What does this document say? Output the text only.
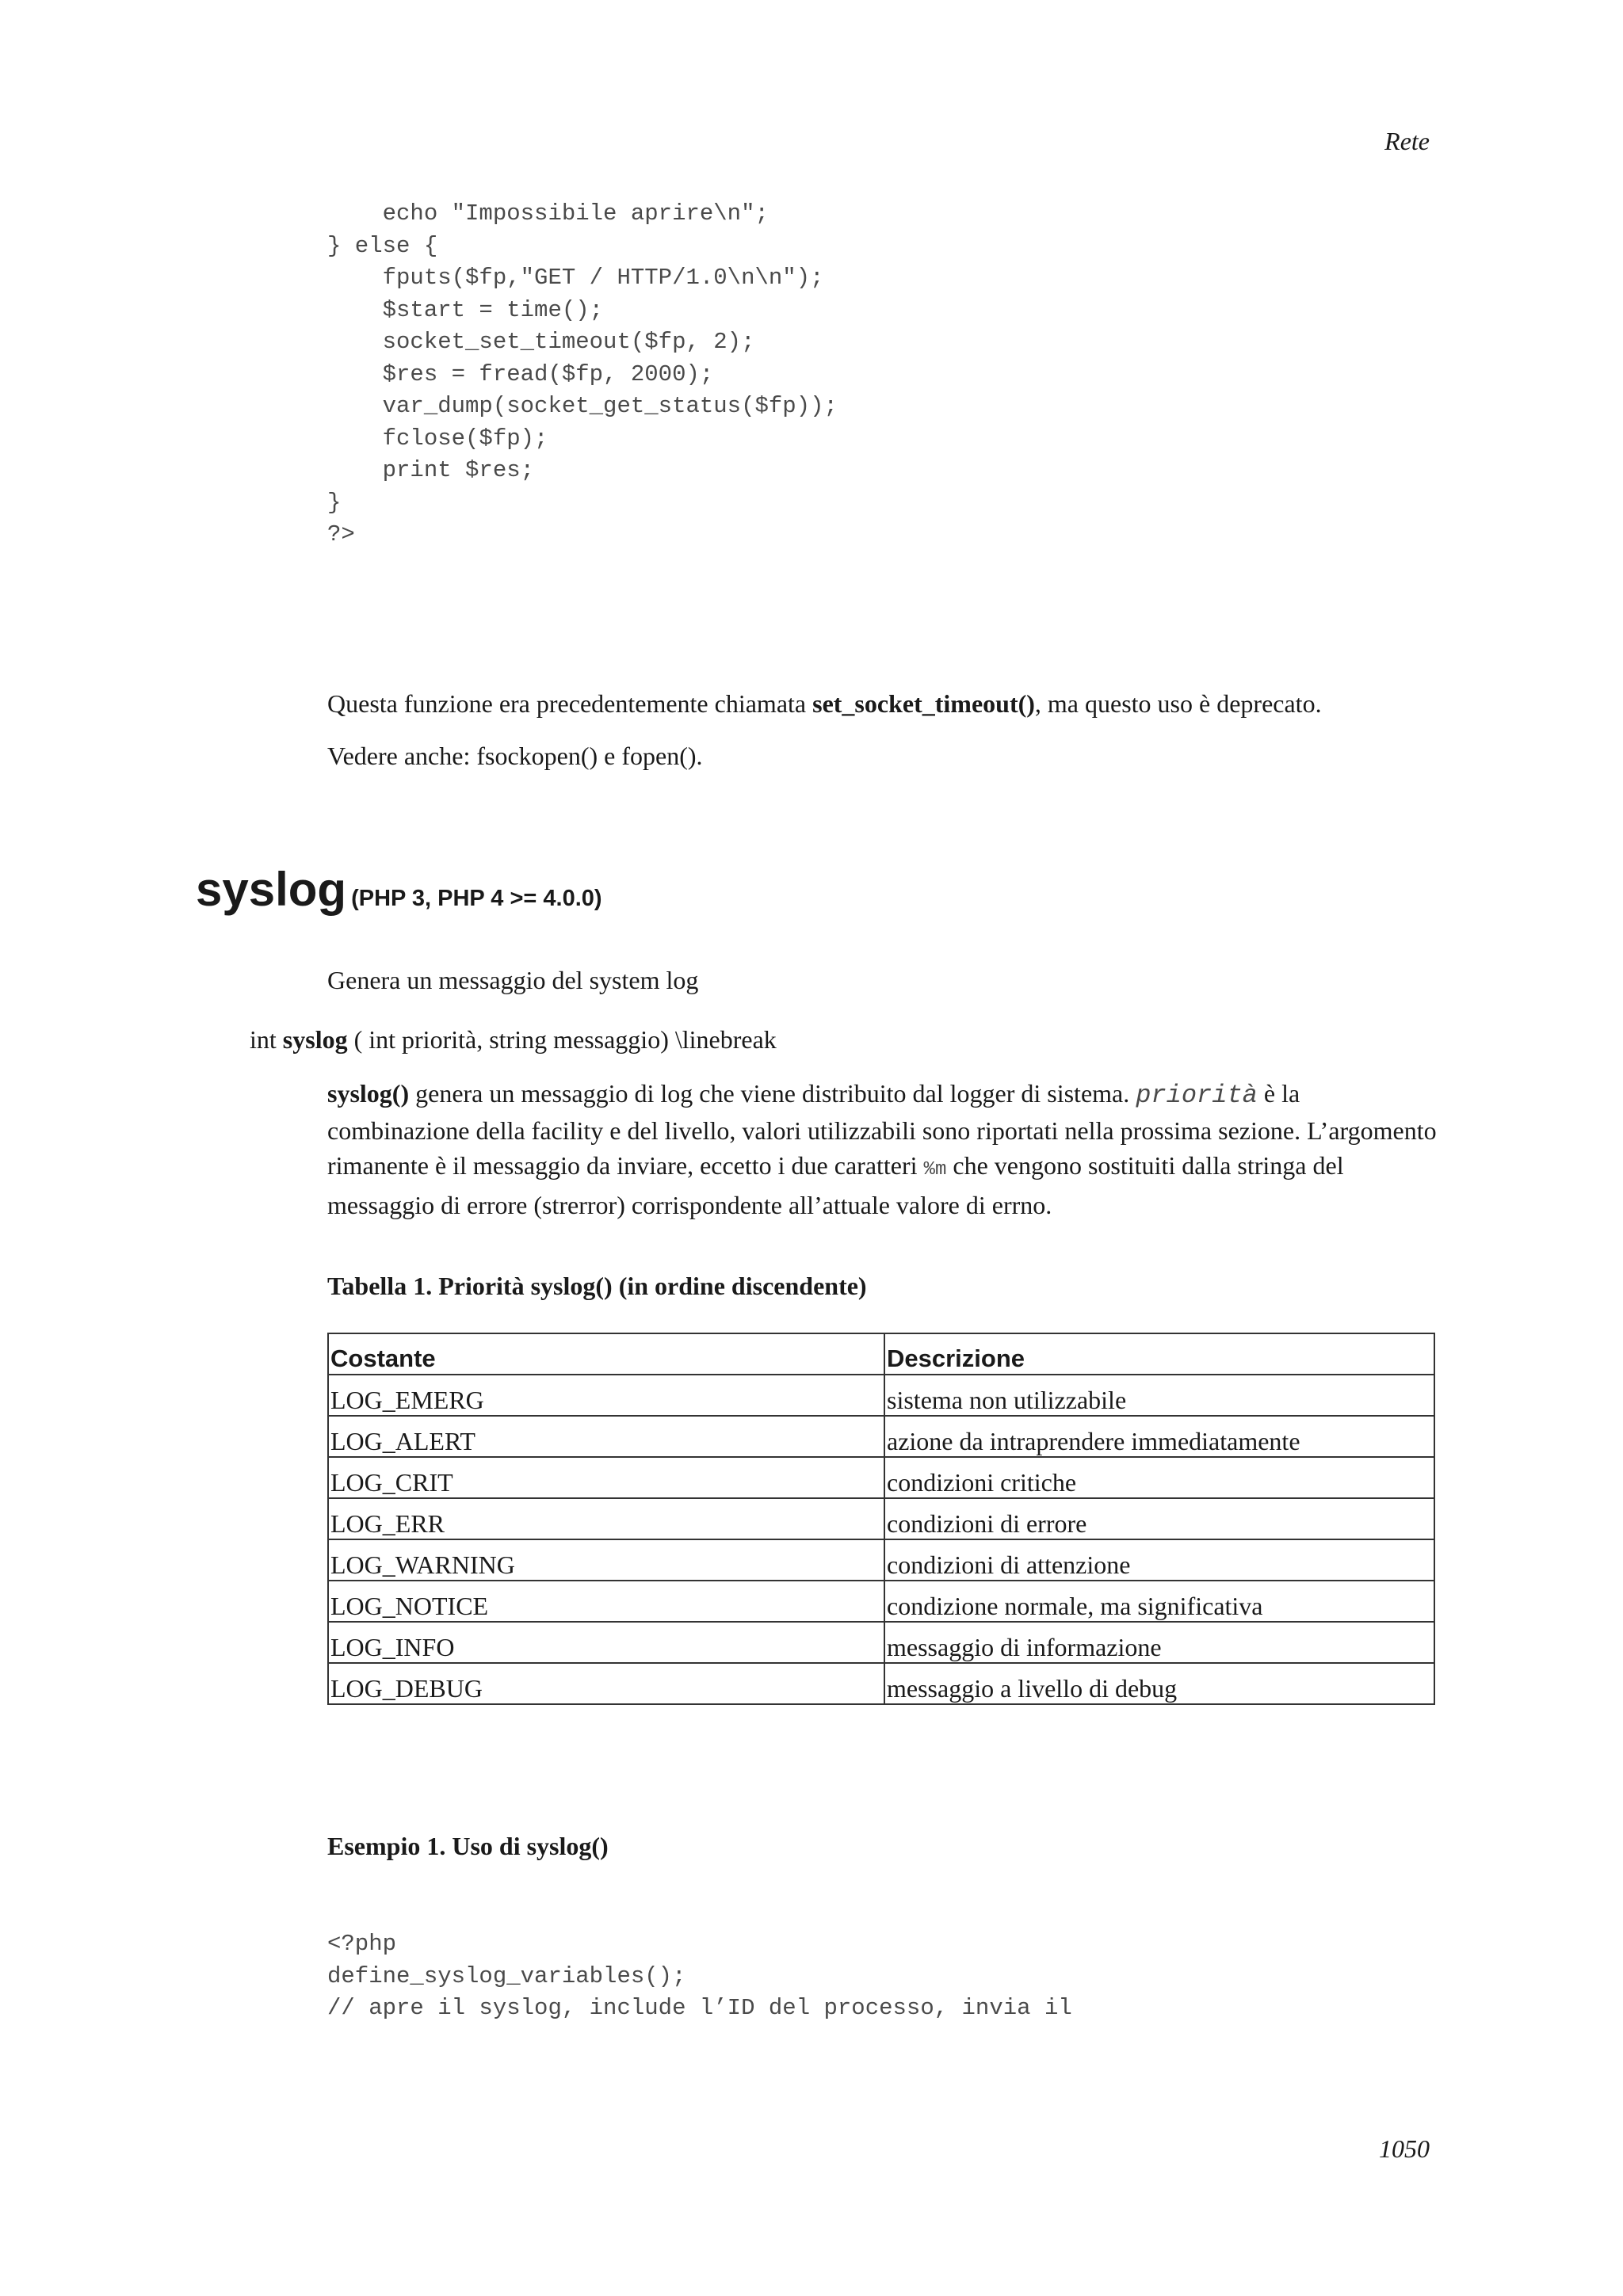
Rete
echo "Impossibile aprire\n";
} else {
fputs($fp,"GET / HTTP/1.0\n\n");
$start = time();
socket_set_timeout($fp, 2);
$res = fread($fp, 2000);
var_dump(socket_get_status($fp));
fclose($fp);
print $res;
}
?>

Questa funzione era precedentemente chiamata set_socket_timeout(), ma questo uso è deprecato.

Vedere anche: fsockopen() e fopen().

syslog (PHP 3, PHP 4 >= 4.0.0)

Genera un messaggio del system log

int syslog ( int priorità, string messaggio) \linebreak

syslog() genera un messaggio di log che viene distribuito dal logger di sistema. priorità è la combinazione della facility e del livello, valori utilizzabili sono riportati nella prossima sezione. L’argomento rimanente è il messaggio da inviare, eccetto i due caratteri %m che vengono sostituiti dalla stringa del messaggio di errore (strerror) corrispondente all’attuale valore di errno.

Tabella 1. Priorità syslog() (in ordine discendente)

Costante	Descrizione
LOG_EMERG	sistema non utilizzabile
LOG_ALERT	azione da intraprendere immediatamente
LOG_CRIT	condizioni critiche
LOG_ERR	condizioni di errore
LOG_WARNING	condizioni di attenzione
LOG_NOTICE	condizione normale, ma significativa
LOG_INFO	messaggio di informazione
LOG_DEBUG	messaggio a livello di debug

Esempio 1. Uso di syslog()

<?php
define_syslog_variables();
// apre il syslog, include l’ID del processo, invia il
1050
